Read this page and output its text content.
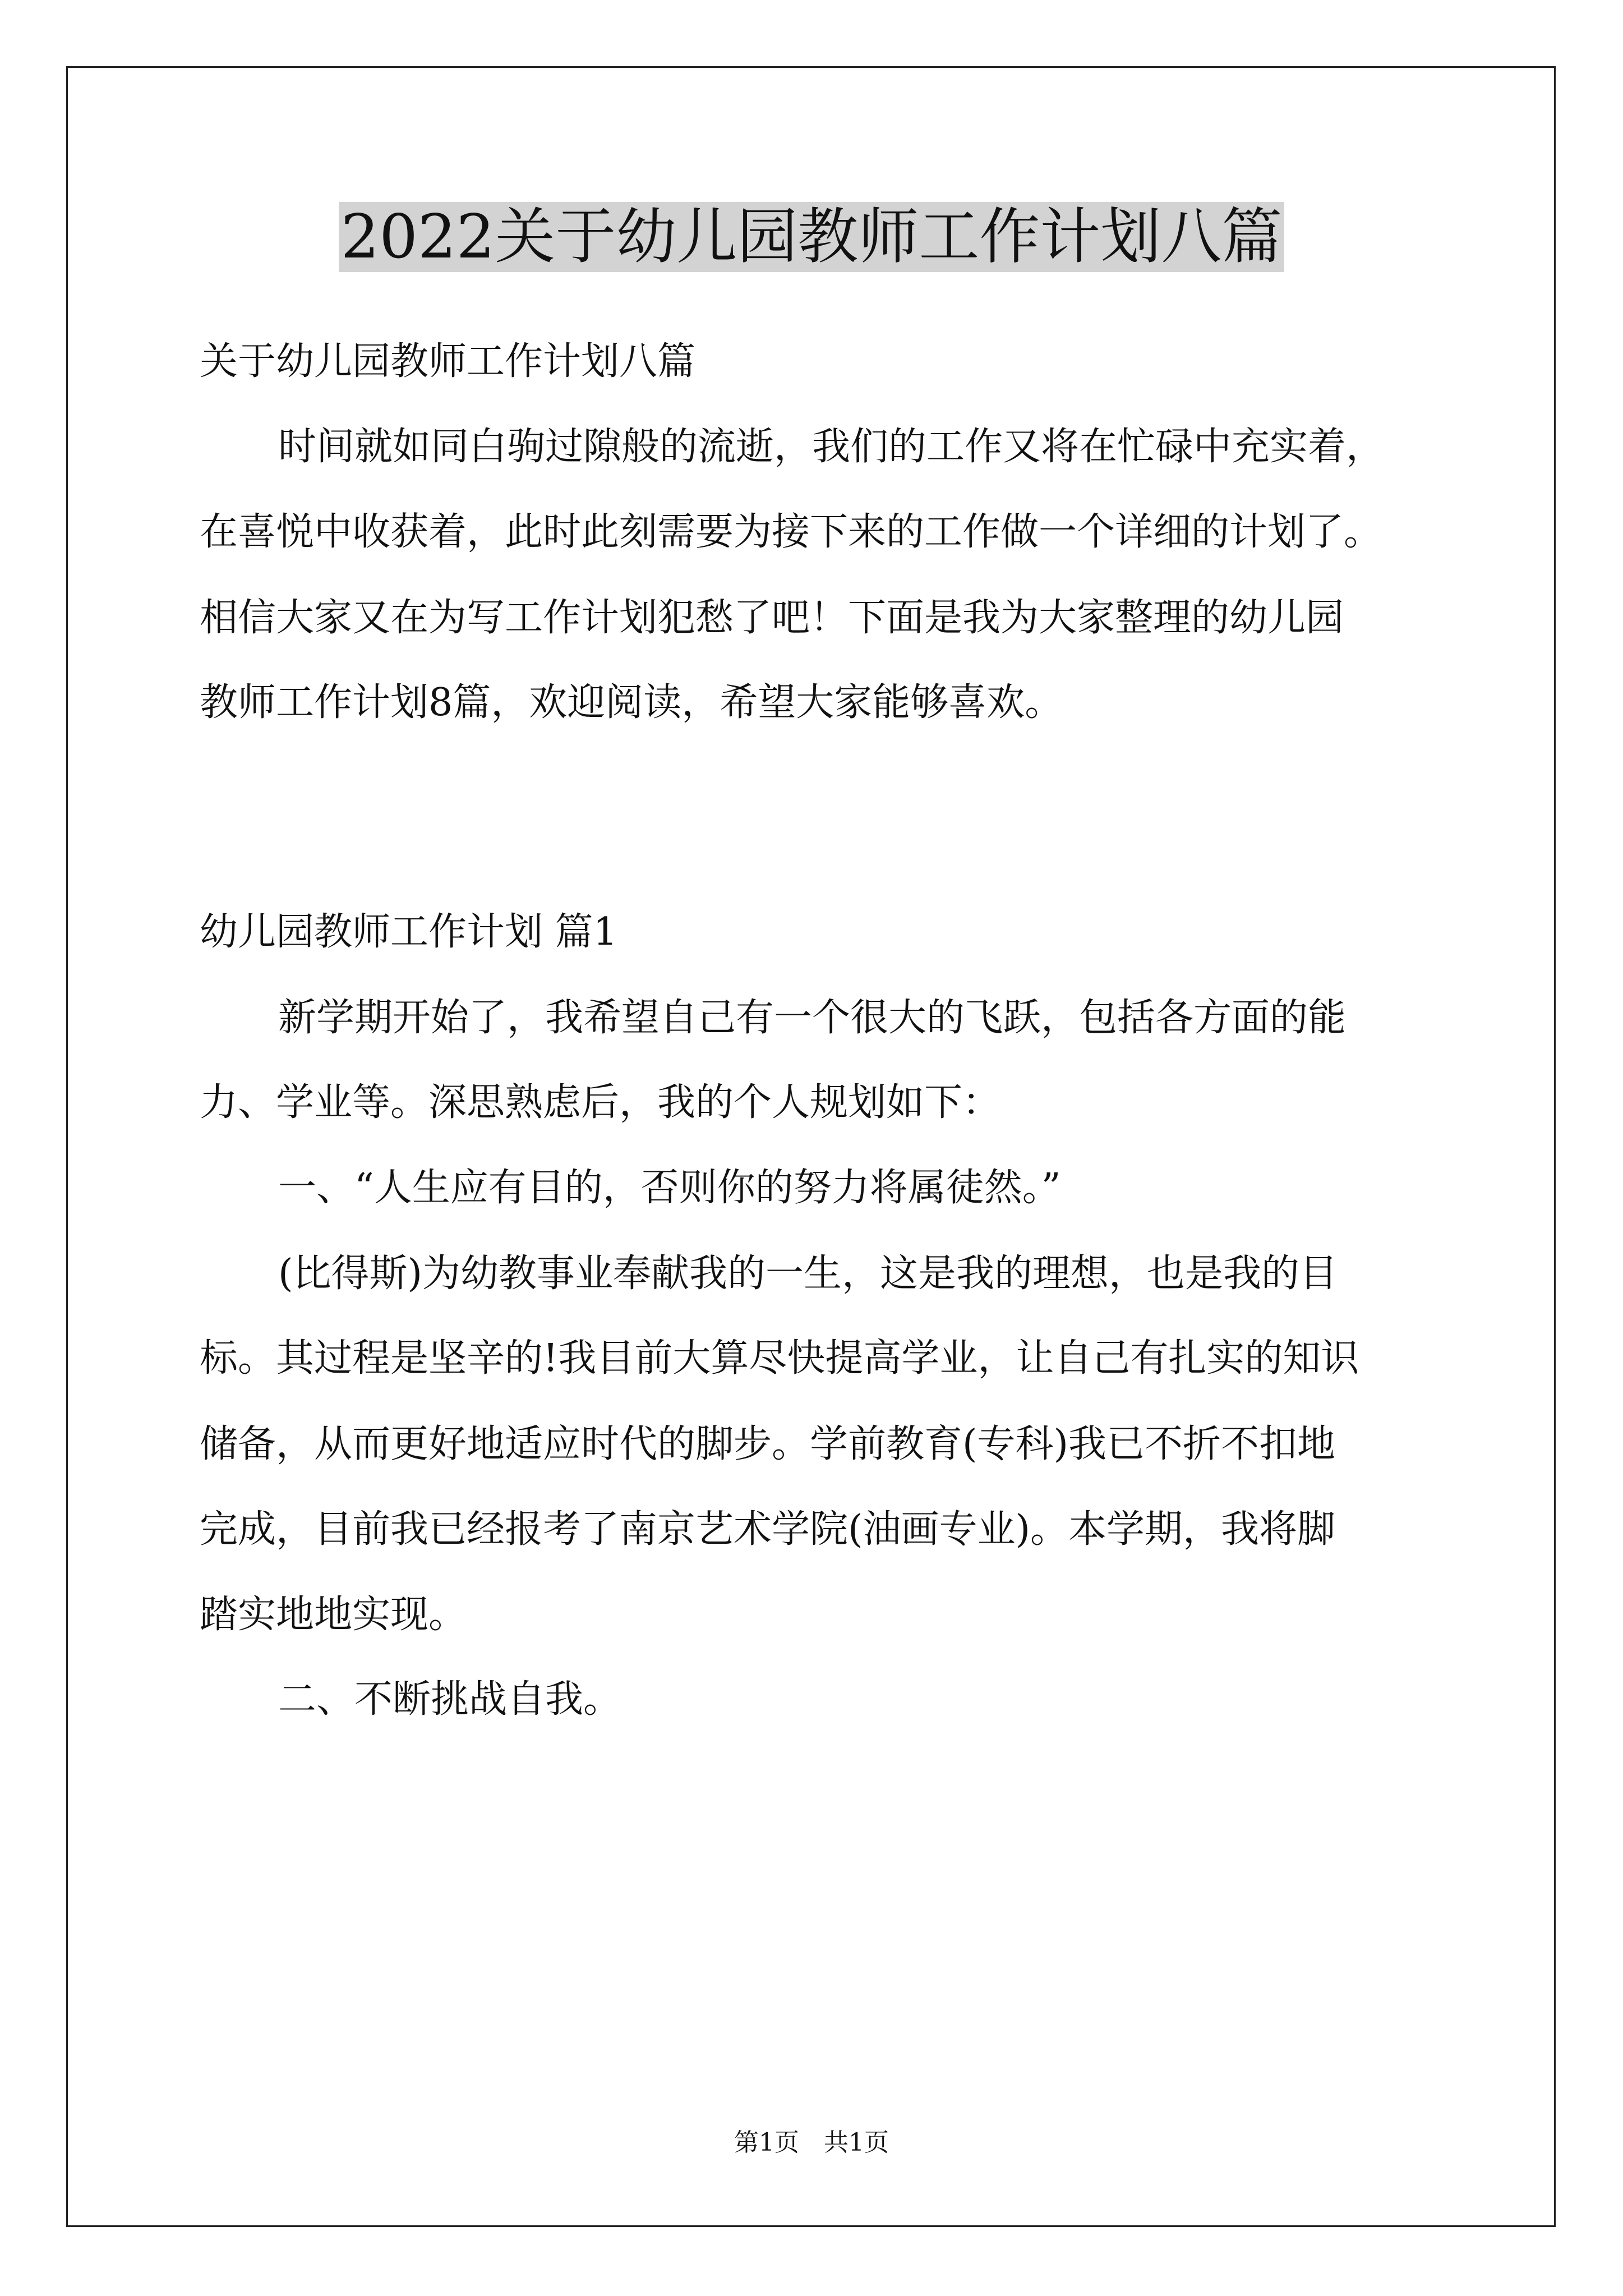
2022关于幼儿园教师工作计划八篇

关于幼儿园教师工作计划八篇

时间就如同白驹过隙般的流逝，我们的工作又将在忙碌中充实着，

在喜悦中收获着，此时此刻需要为接下来的工作做一个详细的计划了。

相信大家又在为写工作计划犯愁了吧！下面是我为大家整理的幼儿园

教师工作计划8篇，欢迎阅读，希望大家能够喜欢。

幼儿园教师工作计划 篇1

新学期开始了，我希望自己有一个很大的飞跃，包括各方面的能

力、学业等。深思熟虑后，我的个人规划如下：

一、“人生应有目的，否则你的努力将属徒然。”

(比得斯)为幼教事业奉献我的一生，这是我的理想，也是我的目

标。其过程是坚辛的!我目前大算尽快提高学业，让自己有扎实的知识

储备，从而更好地适应时代的脚步。学前教育(专科)我已不折不扣地

完成，目前我已经报考了南京艺术学院(油画专业)。本学期，我将脚

踏实地地实现。

二、不断挑战自我。

第1页　共1页
